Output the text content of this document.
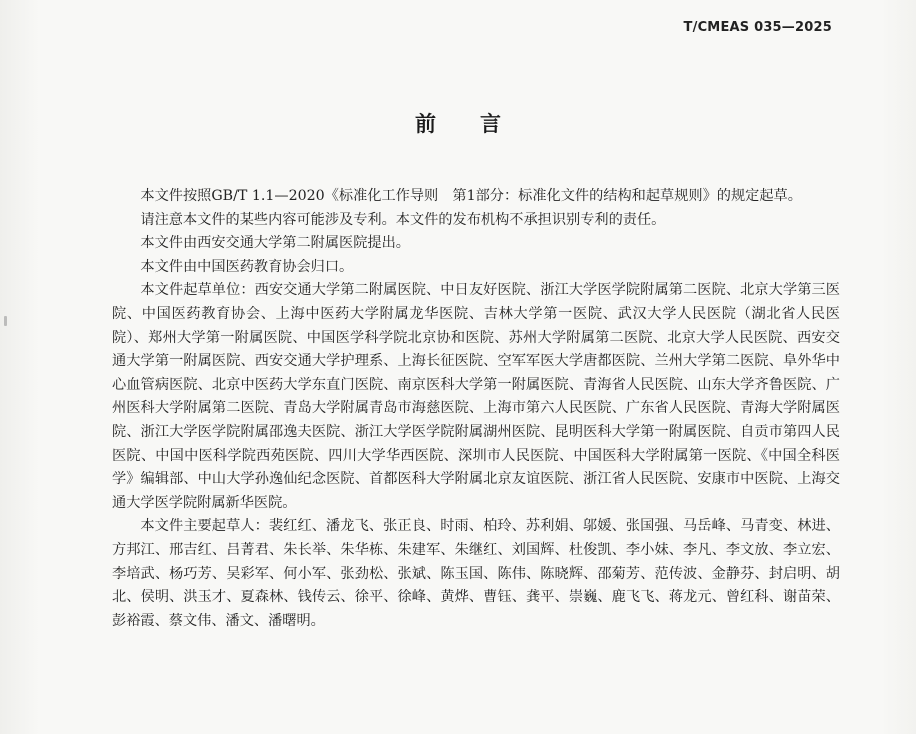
T/CMEAS 035—2025
前言

本文件按照GB/T 1.1—2020《标准化工作导则　第1部分：标准化文件的结构和起草规则》的规定起草。

请注意本文件的某些内容可能涉及专利。本文件的发布机构不承担识别专利的责任。

本文件由西安交通大学第二附属医院提出。

本文件由中国医药教育协会归口。

本文件起草单位：西安交通大学第二附属医院、中日友好医院、浙江大学医学院附属第二医院、北京大学第三医院、中国医药教育协会、上海中医药大学附属龙华医院、吉林大学第一医院、武汉大学人民医院（湖北省人民医院）、郑州大学第一附属医院、中国医学科学院北京协和医院、苏州大学附属第二医院、北京大学人民医院、西安交通大学第一附属医院、西安交通大学护理系、上海长征医院、空军军医大学唐都医院、兰州大学第二医院、阜外华中心血管病医院、北京中医药大学东直门医院、南京医科大学第一附属医院、青海省人民医院、山东大学齐鲁医院、广州医科大学附属第二医院、青岛大学附属青岛市海慈医院、上海市第六人民医院、广东省人民医院、青海大学附属医院、浙江大学医学院附属邵逸夫医院、浙江大学医学院附属湖州医院、昆明医科大学第一附属医院、自贡市第四人民医院、中国中医科学院西苑医院、四川大学华西医院、深圳市人民医院、中国医科大学附属第一医院、《中国全科医学》编辑部、中山大学孙逸仙纪念医院、首都医科大学附属北京友谊医院、浙江省人民医院、安康市中医院、上海交通大学医学院附属新华医院。

本文件主要起草人：裴红红、潘龙飞、张正良、时雨、柏玲、苏利娟、邬媛、张国强、马岳峰、马青变、林进、方邦江、邢吉红、吕菁君、朱长举、朱华栋、朱建军、朱继红、刘国辉、杜俊凯、李小妹、李凡、李文放、李立宏、李培武、杨巧芳、吴彩军、何小军、张劲松、张斌、陈玉国、陈伟、陈晓辉、邵菊芳、范传波、金静芬、封启明、胡北、侯明、洪玉才、夏森林、钱传云、徐平、徐峰、黄烨、曹钰、龚平、崇巍、鹿飞飞、蒋龙元、曾红科、谢苗荣、彭裕霞、蔡文伟、潘文、潘曙明。
